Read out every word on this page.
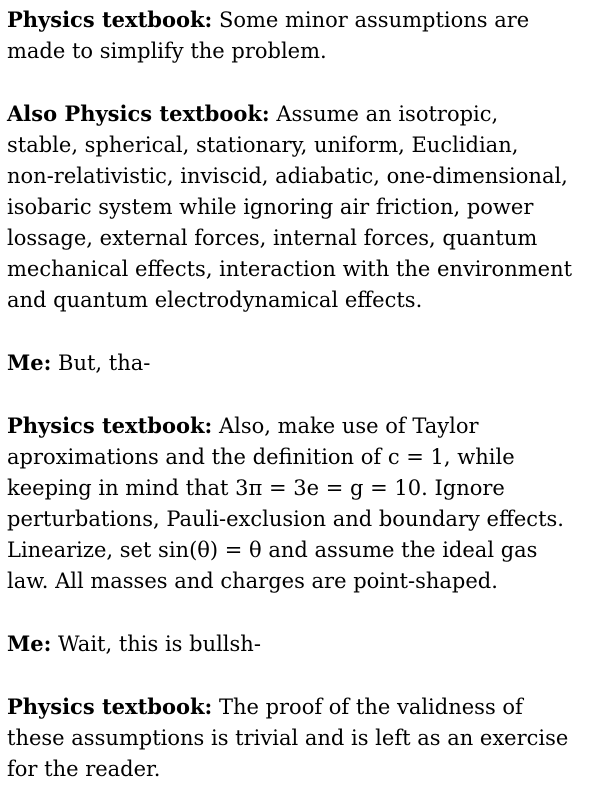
Physics textbook: Some minor assumptions are
made to simplify the problem.

Also Physics textbook: Assume an isotropic,
stable, spherical, stationary, uniform, Euclidian,
non-relativistic, inviscid, adiabatic, one-dimensional,
isobaric system while ignoring air friction, power
lossage, external forces, internal forces, quantum
mechanical effects, interaction with the environment
and quantum electrodynamical effects.

Me: But, tha-

Physics textbook: Also, make use of Taylor
aproximations and the definition of c = 1, while
keeping in mind that 3π = 3e = g = 10. Ignore
perturbations, Pauli-exclusion and boundary effects.
Linearize, set sin(θ) = θ and assume the ideal gas
law. All masses and charges are point-shaped.

Me: Wait, this is bullsh-

Physics textbook: The proof of the validness of
these assumptions is trivial and is left as an exercise
for the reader.
